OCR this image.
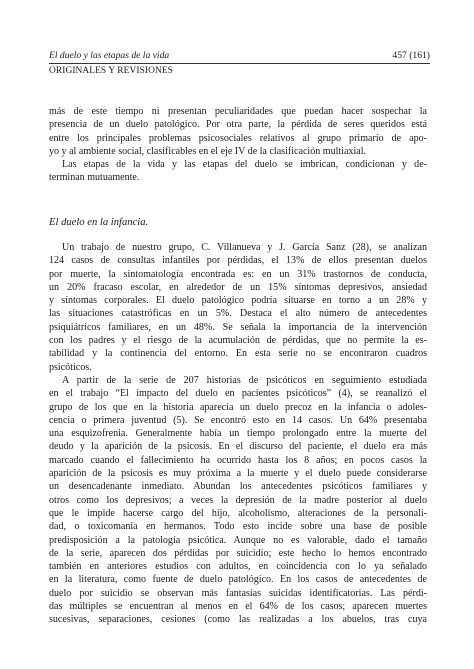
El duelo y las etapas de la vida	457 (161)
ORIGINALES Y REVISIONES
más de este tiempo ni presentan peculiaridades que puedan hacer sospechar la
presencia de un duelo patológico. Por otra parte, la pérdida de seres queridos está
entre los principales problemas psicosociales relativos al grupo primario de apo-
yo y al ambiente social, clasificables en el eje IV de la clasificación multiaxial.
Las etapas de la vida y las etapas del duelo se imbrican, condicionan y de-
terminan mutuamente.
El duelo en la infancia.
Un trabajo de nuestro grupo, C. Villanueva y J. García Sanz (28), se analizan
124 casos de consultas infantiles por pérdidas, el 13% de ellos presentan duelos
por muerte, la sintomatología encontrada es: en un 31% trastornos de conducta,
un 20% fracaso escolar, en alrededor de un 15% síntomas depresivos, ansiedad
y síntomas corporales. El duelo patológico podría situarse en torno a un 28% y
las situaciones catastróficas en un 5%. Destaca el alto número de antecedentes
psiquiátricos familiares, en un 48%. Se señala la importancia de la intervención
con los padres y el riesgo de la acumulación de pérdidas, que no permite la es-
tabilidad y la continencia del entorno. En esta serie no se encontraron cuadros
psicóticos.
A partir de la serie de 207 historias de psicóticos en seguimiento estudiada
en el trabajo “El impacto del duelo en pacientes psicóticos” (4), se reanalizó el
grupo de los que en la historia aparecía un duelo precoz en la infancia o adoles-
cencia o primera juventud (5). Se encontró esto en 14 casos. Un 64% presentaba
una esquizofrenia. Generalmente había un tiempo prolongado entre la muerte del
deudo y la aparición de la psicosis. En el discurso del paciente, el duelo era más
marcado cuando el fallecimiento ha ocurrido hasta los 8 años; en pocos casos la
aparición de la psicosis es muy próxima a la muerte y el duelo puede considerarse
un desencadenante inmediato. Abundan los antecedentes psicóticos familiares y
otros como los depresivos; a veces la depresión de la madre posterior al duelo
que le impide hacerse cargo del hijo, alcoholismo, alteraciones de la personali-
dad, o toxicomanía en hermanos. Todo esto incide sobre una base de posible
predisposición a la patología psicótica. Aunque no es valorable, dado el tamaño
de la serie, aparecen dos pérdidas por suicidio; este hecho lo hemos encontrado
también en anteriores estudios con adultos, en coincidencia con lo ya señalado
en la literatura, como fuente de duelo patológico. En los casos de antecedentes de
duelo por suicidio se observan más fantasías suicidas identificatorias. Las pérdi-
das múltiples se encuentran al menos en el 64% de los casos; aparecen muertes
sucesivas, separaciones, cesiones (como las realizadas a los abuelos, tras cuya
